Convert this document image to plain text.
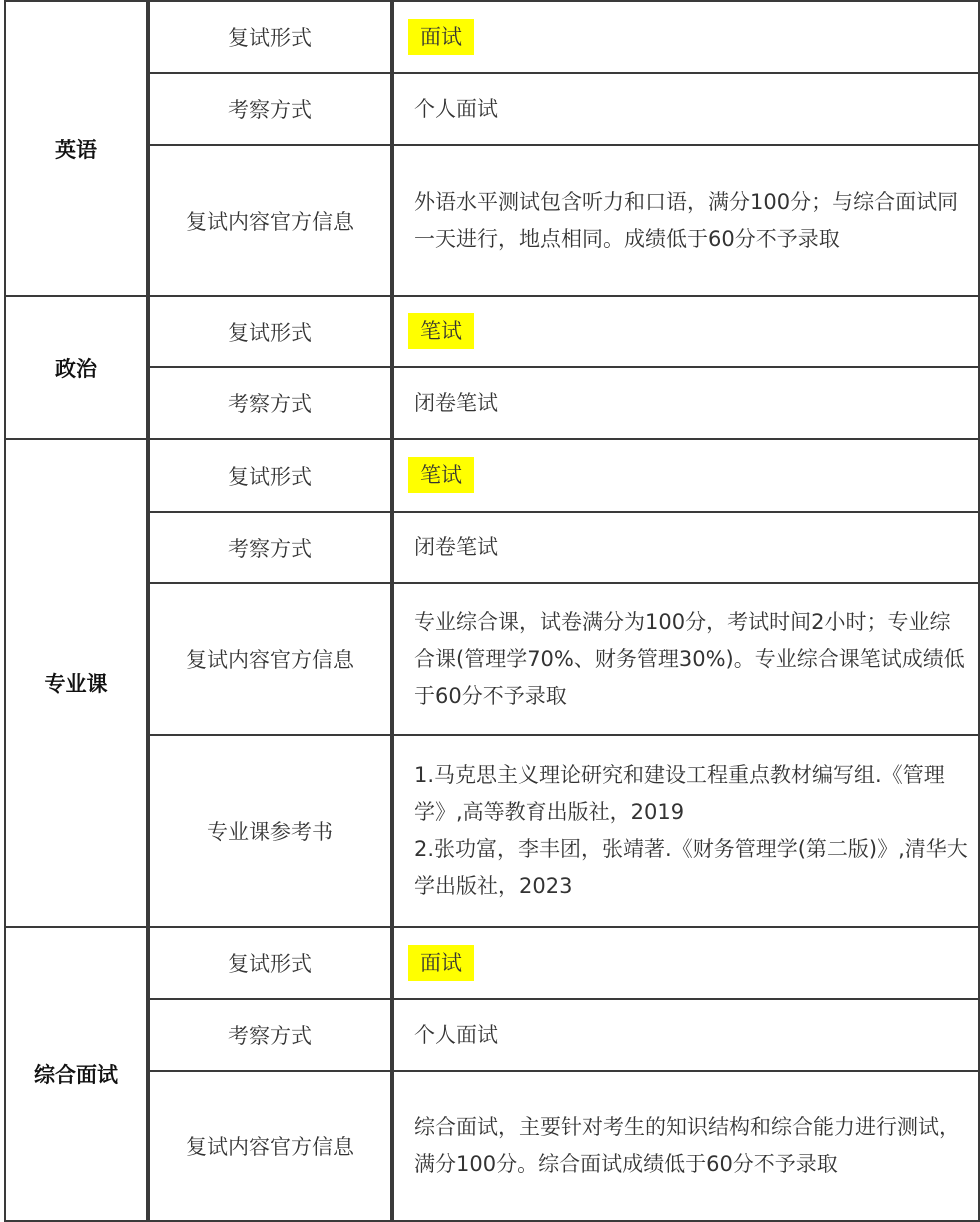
英语	复试形式	面试
	考察方式	个人面试
	复试内容官方信息	外语水平测试包含听力和口语，满分100分；与综合面试同一天进行，地点相同。成绩低于60分不予录取
政治	复试形式	笔试
	考察方式	闭卷笔试
专业课	复试形式	笔试
	考察方式	闭卷笔试
	复试内容官方信息	专业综合课，试卷满分为100分，考试时间2小时；专业综合课(管理学70%、财务管理30%)。专业综合课笔试成绩低于60分不予录取
	专业课参考书	1.马克思主义理论研究和建设工程重点教材编写组.《管理学》,高等教育出版社，2019
2.张功富，李丰团，张靖著.《财务管理学(第二版)》,清华大学出版社，2023

综合面试	复试形式	面试
	考察方式	个人面试
	复试内容官方信息	综合面试，主要针对考生的知识结构和综合能力进行测试，满分100分。综合面试成绩低于60分不予录取
